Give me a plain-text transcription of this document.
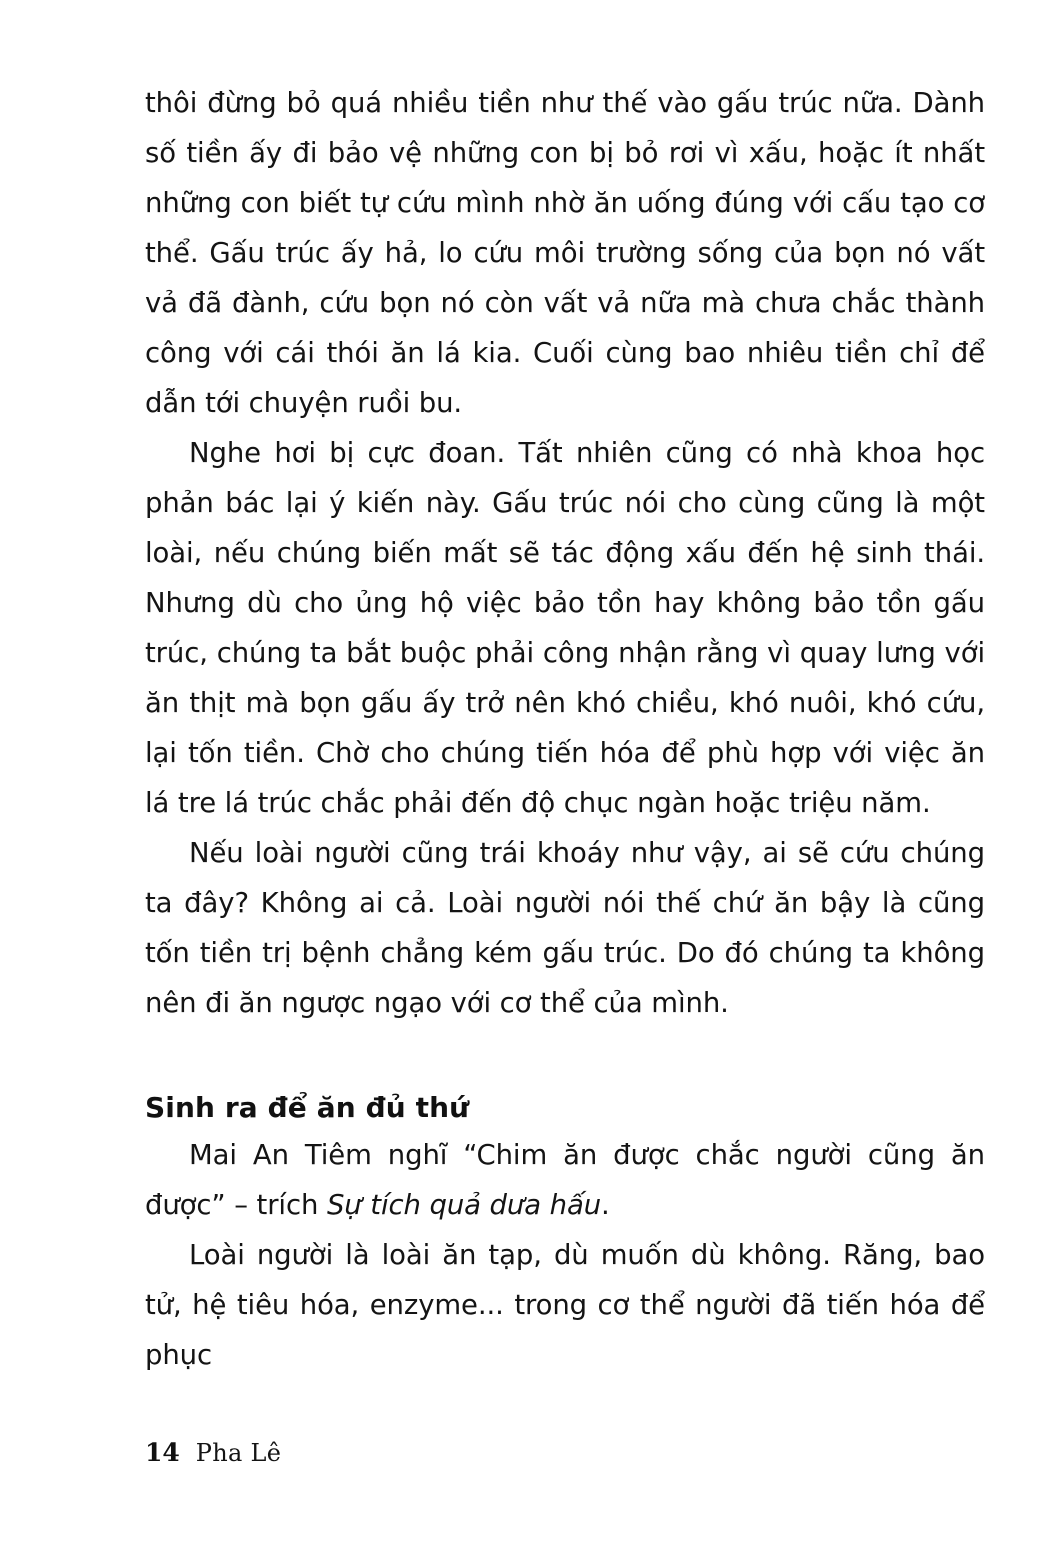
thôi đừng bỏ quá nhiều tiền như thế vào gấu trúc nữa. Dành số tiền ấy đi bảo vệ những con bị bỏ rơi vì xấu, hoặc ít nhất những con biết tự cứu mình nhờ ăn uống đúng với cấu tạo cơ thể. Gấu trúc ấy hả, lo cứu môi trường sống của bọn nó vất vả đã đành, cứu bọn nó còn vất vả nữa mà chưa chắc thành công với cái thói ăn lá kia. Cuối cùng bao nhiêu tiền chỉ để dẫn tới chuyện ruồi bu.

Nghe hơi bị cực đoan. Tất nhiên cũng có nhà khoa học phản bác lại ý kiến này. Gấu trúc nói cho cùng cũng là một loài, nếu chúng biến mất sẽ tác động xấu đến hệ sinh thái. Nhưng dù cho ủng hộ việc bảo tồn hay không bảo tồn gấu trúc, chúng ta bắt buộc phải công nhận rằng vì quay lưng với ăn thịt mà bọn gấu ấy trở nên khó chiều, khó nuôi, khó cứu, lại tốn tiền. Chờ cho chúng tiến hóa để phù hợp với việc ăn lá tre lá trúc chắc phải đến độ chục ngàn hoặc triệu năm.

Nếu loài người cũng trái khoáy như vậy, ai sẽ cứu chúng ta đây? Không ai cả. Loài người nói thế chứ ăn bậy là cũng tốn tiền trị bệnh chẳng kém gấu trúc. Do đó chúng ta không nên đi ăn ngược ngạo với cơ thể của mình.

Sinh ra để ăn đủ thứ

Mai An Tiêm nghĩ “Chim ăn được chắc người cũng ăn được” – trích Sự tích quả dưa hấu.

Loài người là loài ăn tạp, dù muốn dù không. Răng, bao tử, hệ tiêu hóa, enzyme... trong cơ thể người đã tiến hóa để phục

14 Pha Lê
